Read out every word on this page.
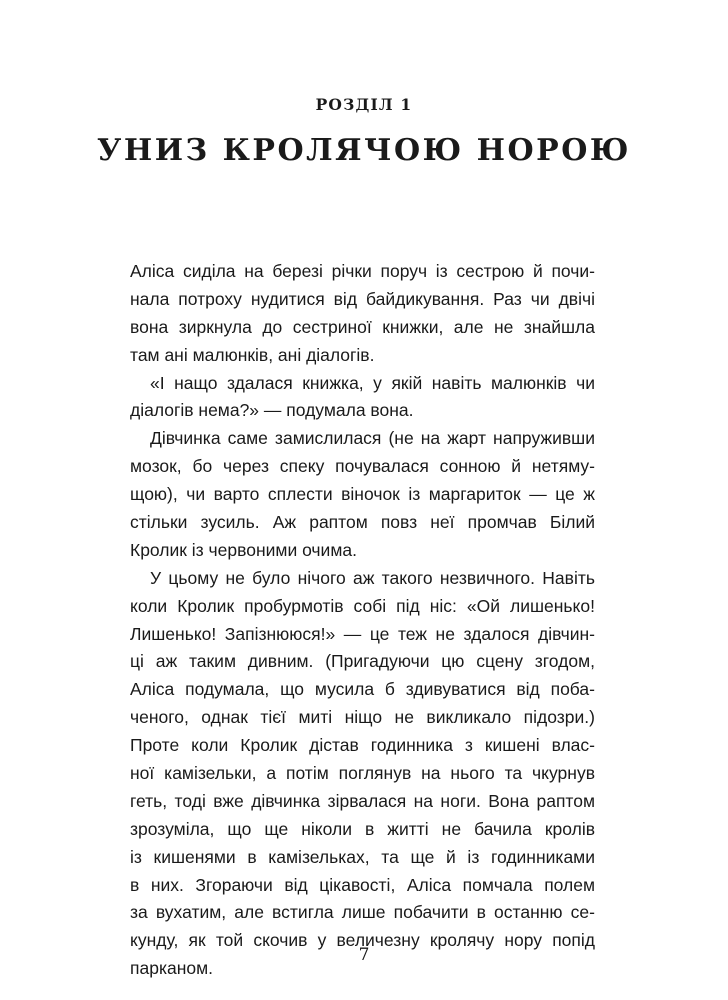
РОЗДІЛ 1
УНИЗ КРОЛЯЧОЮ НОРОЮ
Аліса сиділа на березі річки поруч із сестрою й почи-
нала потроху нудитися від байдикування. Раз чи двічі
вона зиркнула до сестриної книжки, але не знайшла
там ані малюнків, ані діалогів.
«І нащо здалася книжка, у якій навіть малюнків чи
діалогів нема?» — подумала вона.
Дівчинка саме замислилася (не на жарт напруживши
мозок, бо через спеку почувалася сонною й нетяму-
щою), чи варто сплести віночок із маргариток — це ж
стільки зусиль. Аж раптом повз неї промчав Білий
Кролик із червоними очима.
У цьому не було нічого аж такого незвичного. Навіть
коли Кролик пробурмотів собі під ніс: «Ой лишенько!
Лишенько! Запізнююся!» — це теж не здалося дівчин-
ці аж таким дивним. (Пригадуючи цю сцену згодом,
Аліса подумала, що мусила б здивуватися від поба-
ченого, однак тієї миті ніщо не викликало підозри.)
Проте коли Кролик дістав годинника з кишені влас-
ної камізельки, а потім поглянув на нього та чкурнув
геть, тоді вже дівчинка зірвалася на ноги. Вона раптом
зрозуміла, що ще ніколи в житті не бачила кролів
із кишенями в камізельках, та ще й із годинниками
в них. Згораючи від цікавості, Аліса помчала полем
за вухатим, але встигла лише побачити в останню се-
кунду, як той скочив у величезну кролячу нору попід
парканом.
7
